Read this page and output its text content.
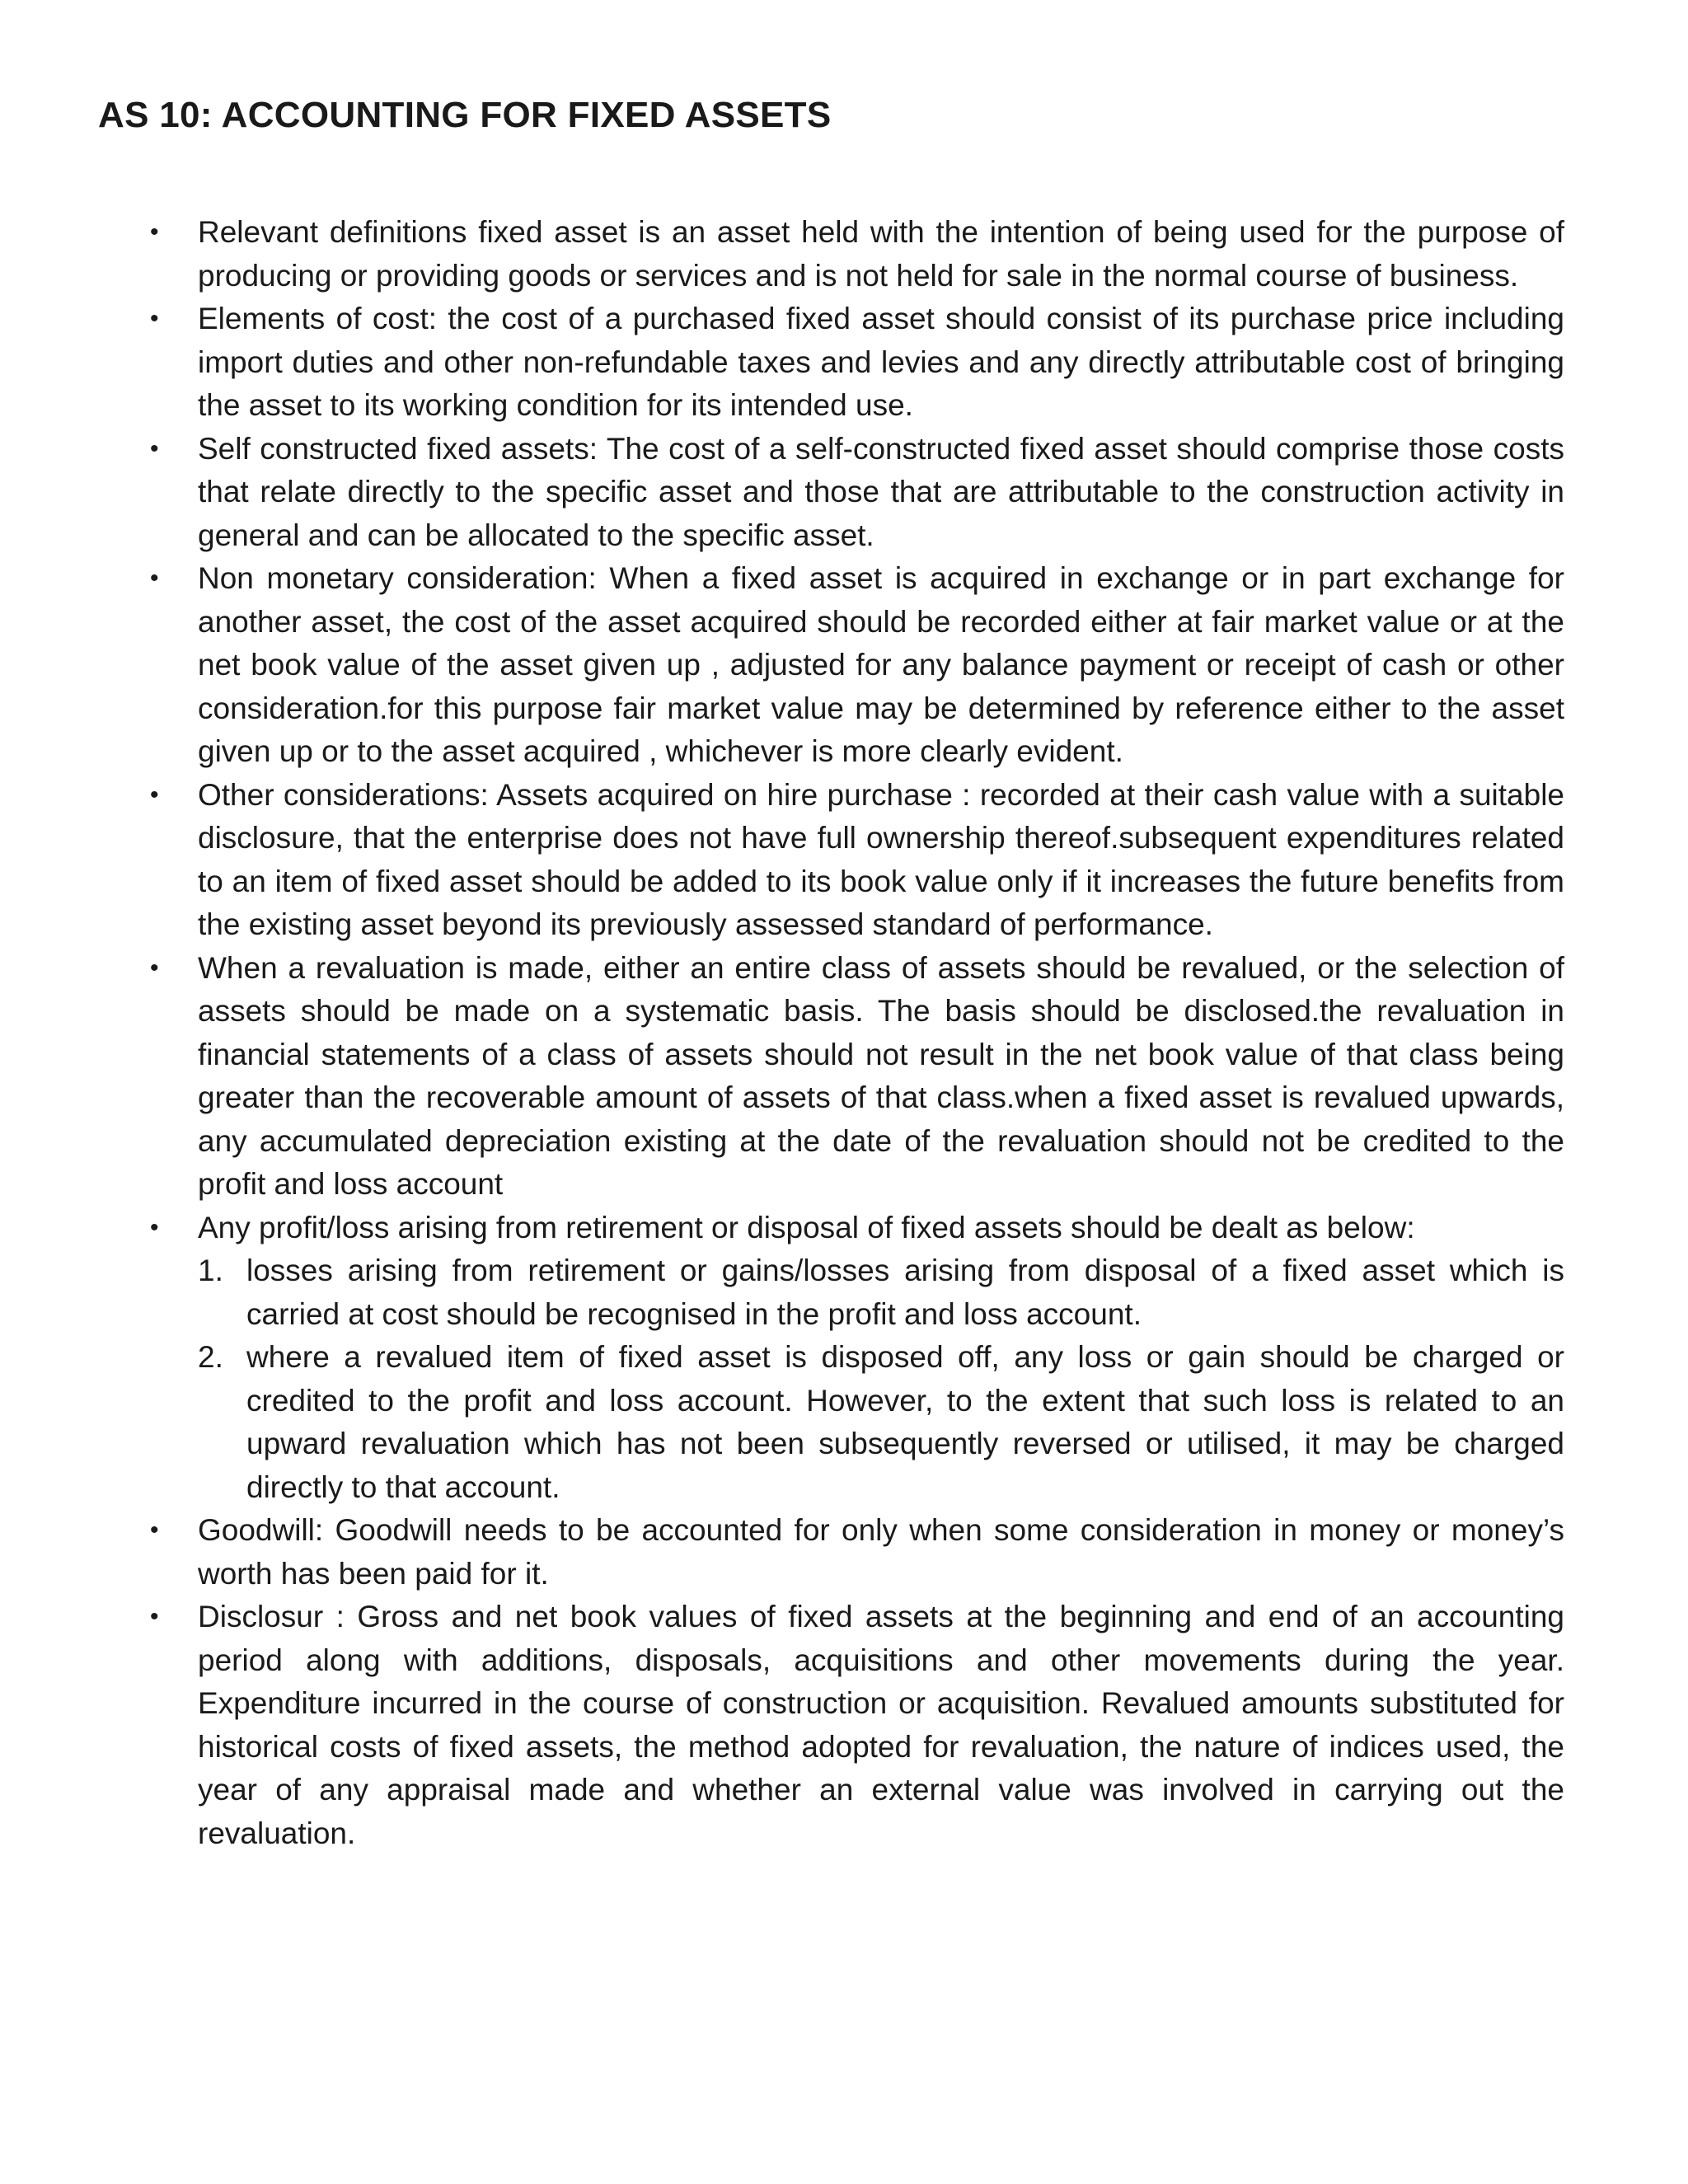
AS 10: ACCOUNTING FOR FIXED ASSETS
• Relevant definitions fixed asset is an asset held with the intention of being used for the purpose of producing or providing goods or services and is not held for sale in the normal course of business.
• Elements of cost: the cost of a purchased fixed asset should consist of its purchase price including import duties and other non-refundable taxes and levies and any directly attributable cost of bringing the asset to its working condition for its intended use.
• Self constructed fixed assets: The cost of a self-constructed fixed asset should comprise those costs that relate directly to the specific asset and those that are attributable to the construction activity in general and can be allocated to the specific asset.
• Non monetary consideration: When a fixed asset is acquired in exchange or in part exchange for another asset, the cost of the asset acquired should be recorded either at fair market value or at the net book value of the asset given up , adjusted for any balance payment or receipt of cash or other consideration.for this purpose fair market value may be determined by reference either to the asset given up or to the asset acquired , whichever is more clearly evident.
• Other considerations: Assets acquired on hire purchase : recorded at their cash value with a suitable disclosure, that the enterprise does not have full ownership thereof.subsequent expenditures related to an item of fixed asset should be added to its book value only if it increases the future benefits from the existing asset beyond its previously assessed standard of performance.
• When a revaluation is made, either an entire class of assets should be revalued, or the selection of assets should be made on a systematic basis. The basis should be disclosed.the revaluation in financial statements of a class of assets should not result in the net book value of that class being greater than the recoverable amount of assets of that class.when a fixed asset is revalued upwards, any accumulated depreciation existing at the date of the revaluation should not be credited to the profit and loss account
• Any profit/loss arising from retirement or disposal of fixed assets should be dealt as below:
1. losses arising from retirement or gains/losses arising from disposal of a fixed asset which is carried at cost should be recognised in the profit and loss account.
2. where a revalued item of fixed asset is disposed off, any loss or gain should be charged or credited to the profit and loss account. However, to the extent that such loss is related to an upward revaluation which has not been subsequently reversed or utilised, it may be charged directly to that account.
• Goodwill: Goodwill needs to be accounted for only when some consideration in money or money’s worth has been paid for it.
• Disclosur : Gross and net book values of fixed assets at the beginning and end of an accounting period along with additions, disposals, acquisitions and other movements during the year. Expenditure incurred in the course of construction or acquisition. Revalued amounts substituted for historical costs of fixed assets, the method adopted for revaluation, the nature of indices used, the year of any appraisal made and whether an external value was involved in carrying out the revaluation.
